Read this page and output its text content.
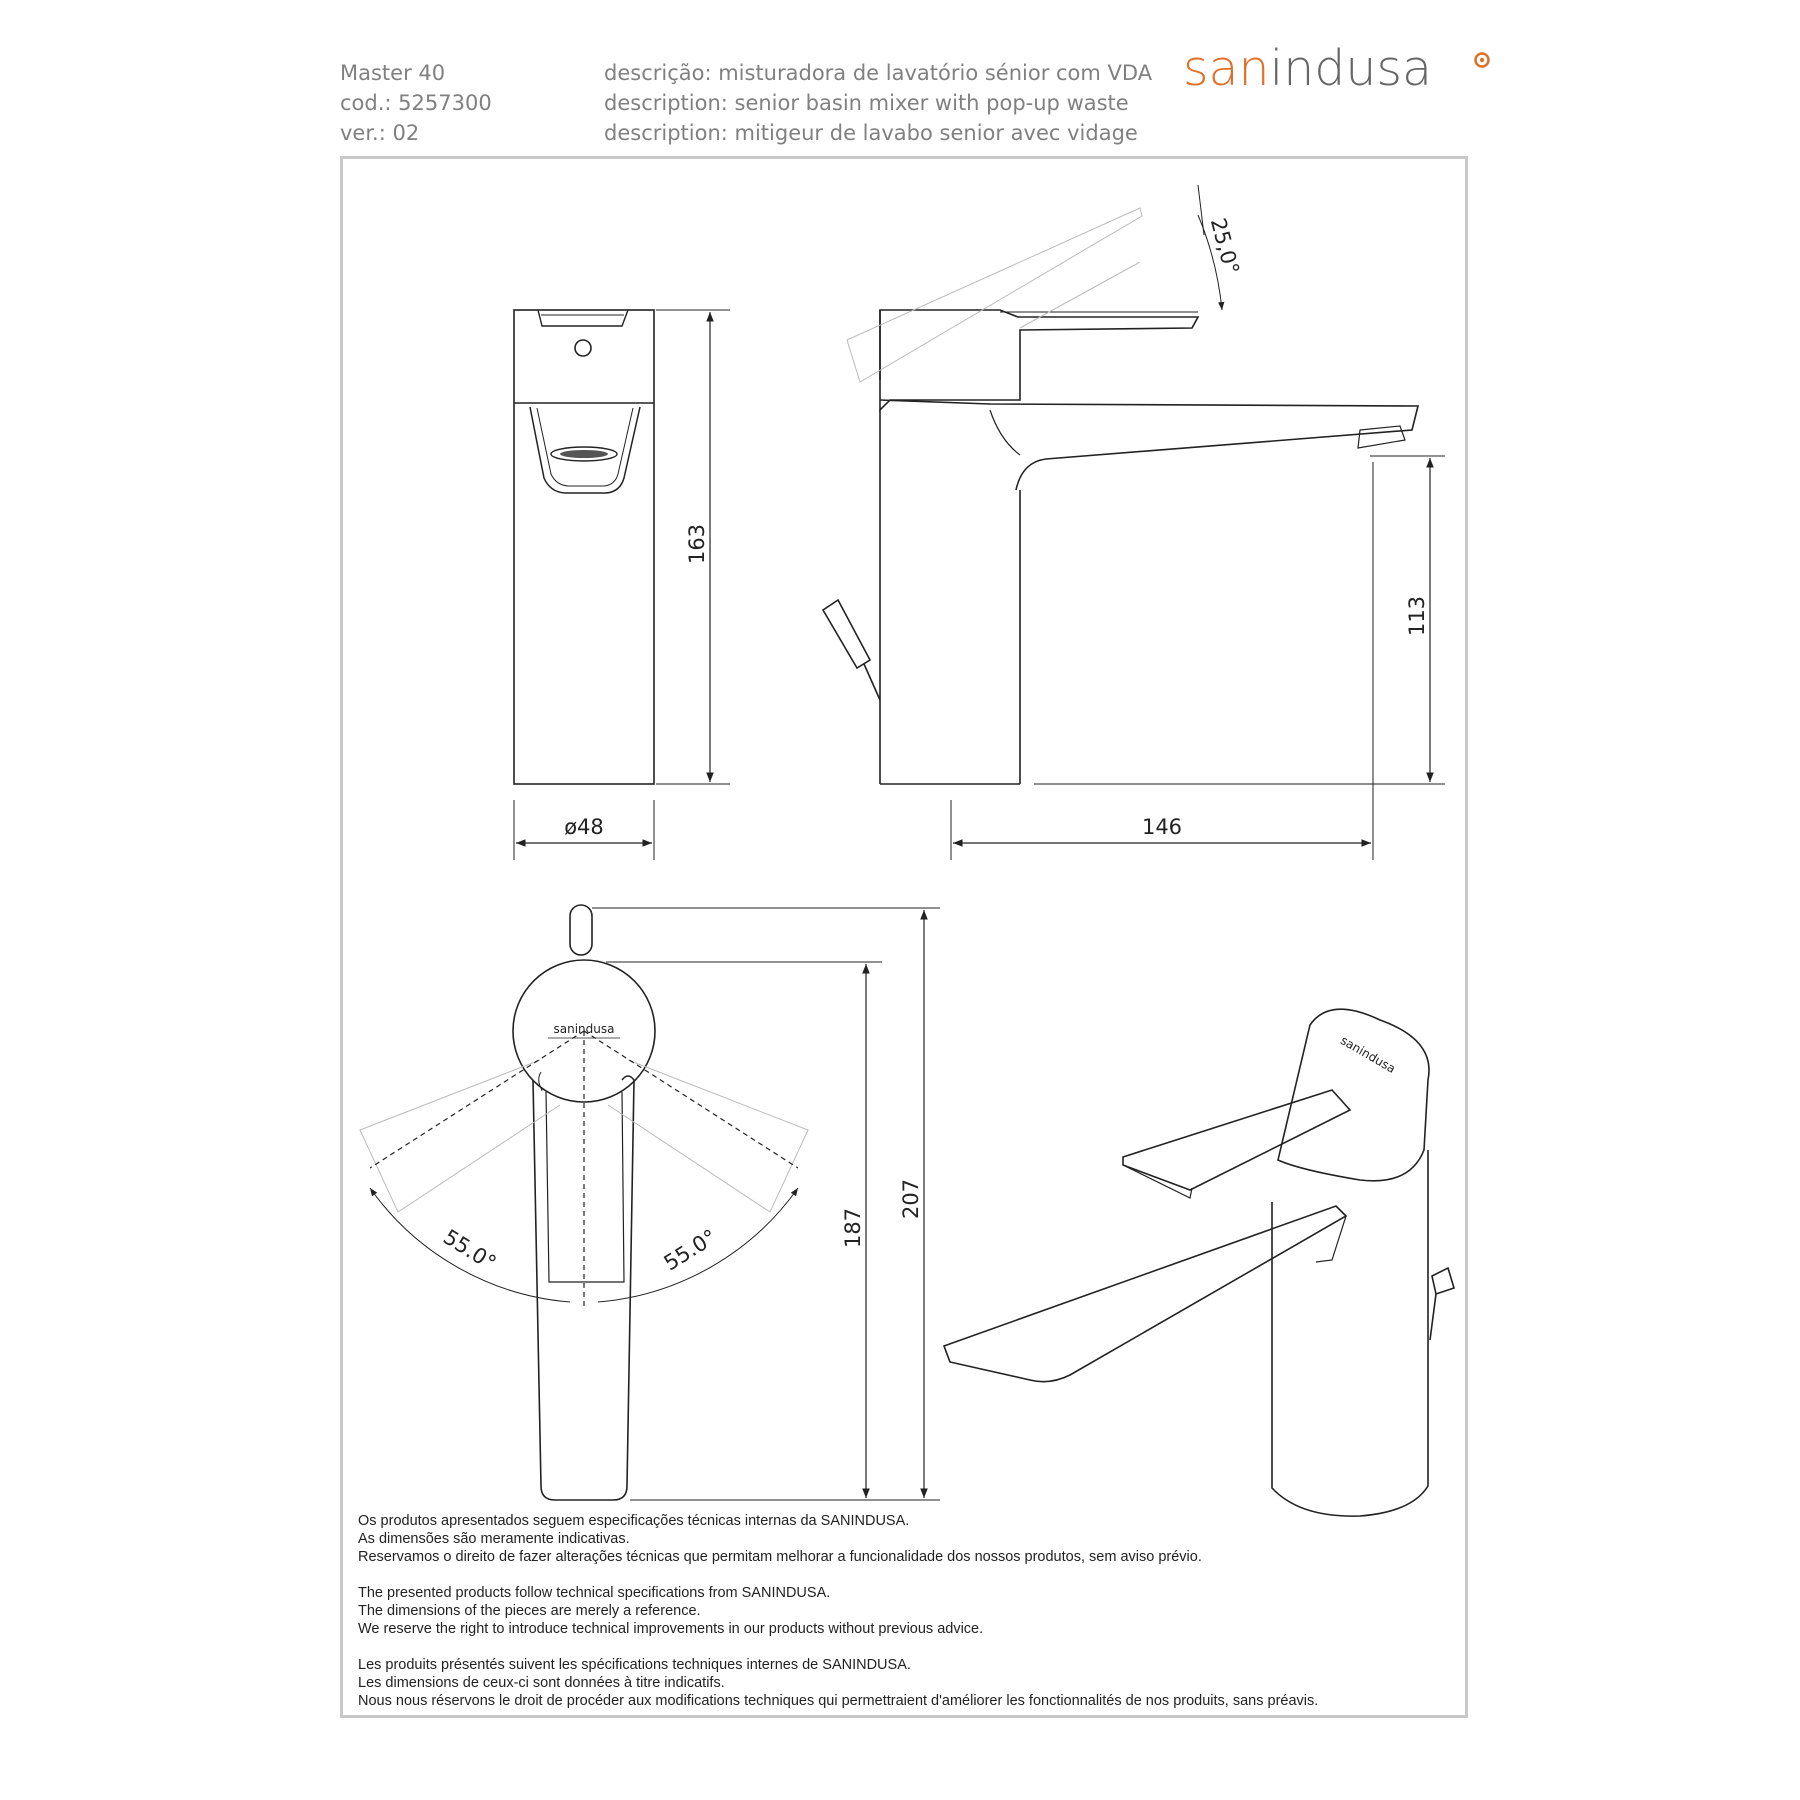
Master 40
cod.: 5257300
ver.: 02
descrição: misturadora de lavatório sénior com VDA
description: senior basin mixer with pop-up waste
description: mitigeur de lavabo senior avec vidage
sanindusa
ø48
163
146
113
25,0°
sanindusa
55.0°	55.0°	187
207
sanindusa
Os produtos apresentados seguem especificações técnicas internas da SANINDUSA.
As dimensões são meramente indicativas.
Reservamos o direito de fazer alterações técnicas que permitam melhorar a funcionalidade dos nossos produtos, sem aviso prévio.
The presented products follow technical specifications from SANINDUSA.
The dimensions of the pieces are merely a reference.
We reserve the right to introduce technical improvements in our products without previous advice.
Les produits présentés suivent les spécifications techniques internes de SANINDUSA.
Les dimensions de ceux-ci sont données à titre indicatifs.
Nous nous réservons le droit de procéder aux modifications techniques qui permettraient d'améliorer les fonctionnalités de nos produits, sans préavis.
